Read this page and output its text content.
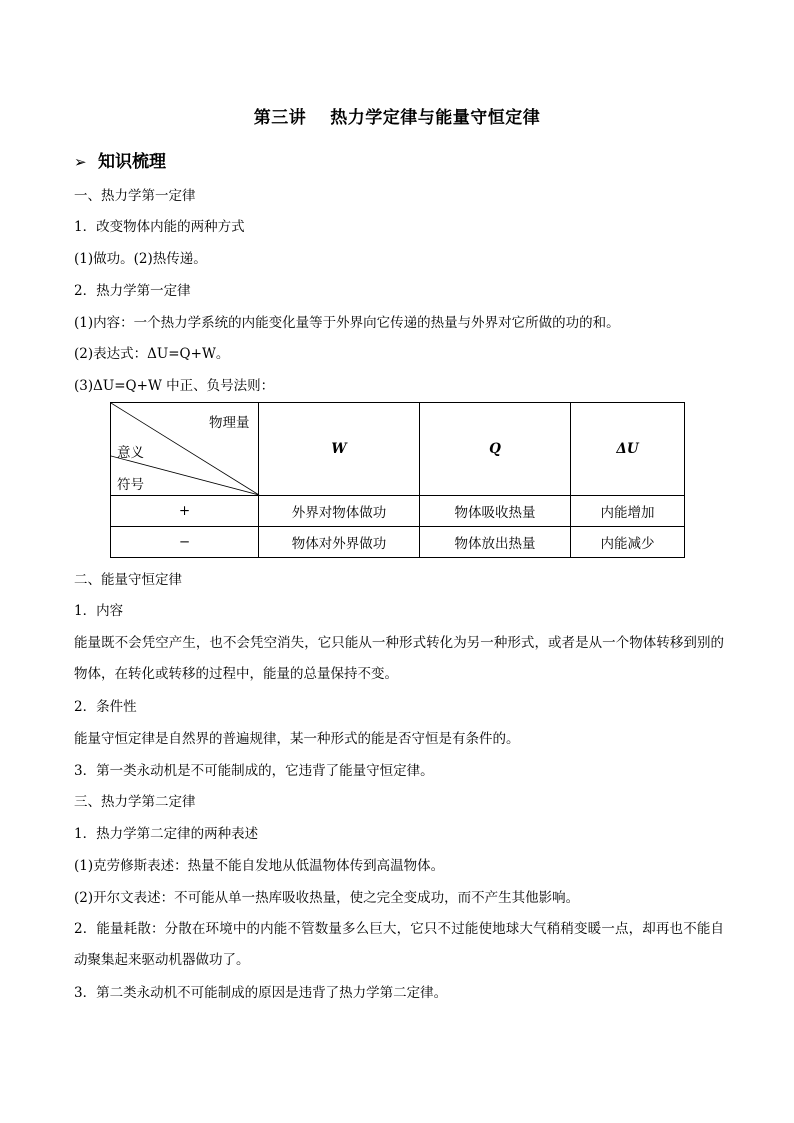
第三讲 热力学定律与能量守恒定律
➢ 知识梳理
一、热力学第一定律
1．改变物体内能的两种方式
(1)做功。(2)热传递。
2．热力学第一定律
(1)内容：一个热力学系统的内能变化量等于外界向它传递的热量与外界对它所做的功的和。
(2)表达式：ΔU=Q+W。
(3)ΔU=Q+W 中正、负号法则：
物理量
意义
符号	W	Q	ΔU
+	外界对物体做功	物体吸收热量	内能增加
−	物体对外界做功	物体放出热量	内能减少
二、能量守恒定律
1．内容
能量既不会凭空产生，也不会凭空消失，它只能从一种形式转化为另一种形式，或者是从一个物体转移到别的物体，在转化或转移的过程中，能量的总量保持不变。
2．条件性
能量守恒定律是自然界的普遍规律，某一种形式的能是否守恒是有条件的。
3．第一类永动机是不可能制成的，它违背了能量守恒定律。
三、热力学第二定律
1．热力学第二定律的两种表述
(1)克劳修斯表述：热量不能自发地从低温物体传到高温物体。
(2)开尔文表述：不可能从单一热库吸收热量，使之完全变成功，而不产生其他影响。
2．能量耗散：分散在环境中的内能不管数量多么巨大，它只不过能使地球大气稍稍变暖一点，却再也不能自动聚集起来驱动机器做功了。
3．第二类永动机不可能制成的原因是违背了热力学第二定律。
